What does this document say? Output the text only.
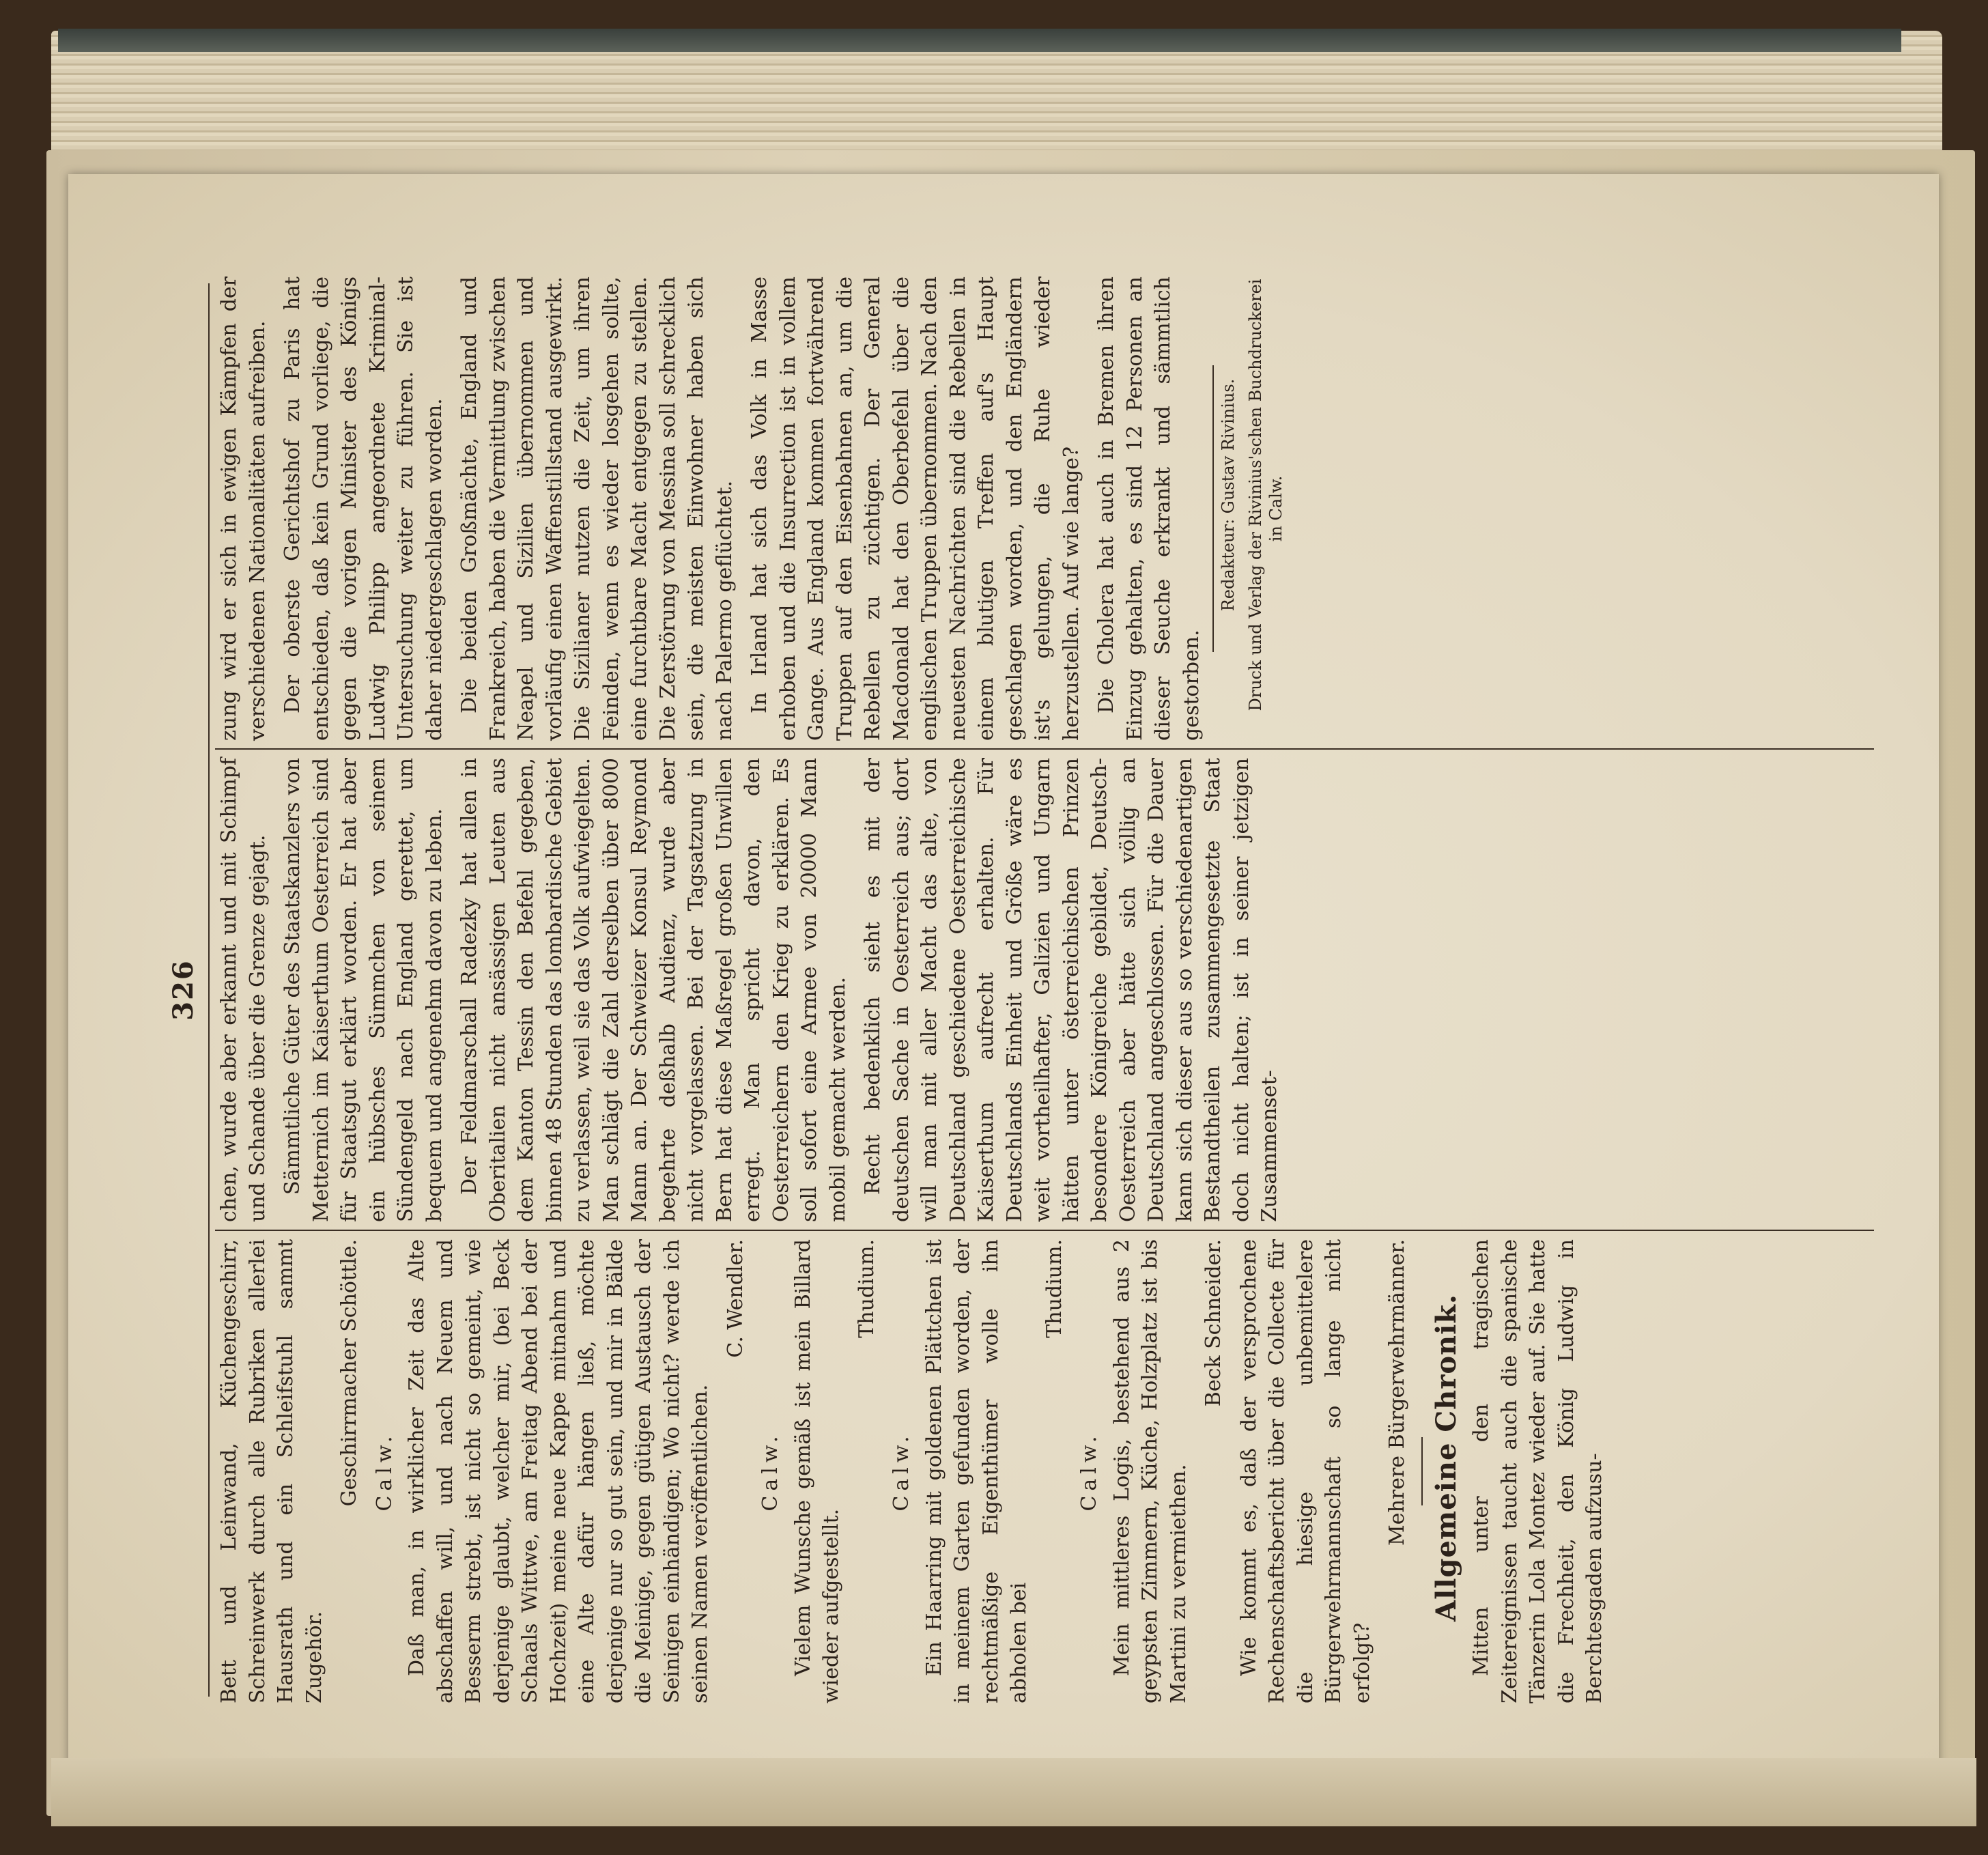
326

Bett und Leinwand, Küchengeschirr, Schreinwerk durch alle Rubriken allerlei Hausrath und ein Schleifstuhl sammt Zugehör.

Geschirrmacher Schöttle. Calw. Daß man, in wirklicher Zeit das Alte abschaffen will, und nach Neuem und Besserm strebt, ist nicht so gemeint, wie derjenige glaubt, welcher mir, (bei Beck Schaals Wittwe, am Freitag Abend bei der Hochzeit) meine neue Kappe mitnahm und eine Alte dafür hängen ließ, möchte derjenige nur so gut sein, und mir in Bälde die Meinige, gegen gütigen Austausch der Seinigen einhändigen; Wo nicht? werde ich seinen Namen veröffentlichen.

C. Wendler.

Calw. Vielem Wunsche gemäß ist mein Billard wieder aufgestellt.

Thudium.

Calw. Ein Haarring mit goldenen Plättchen ist in meinem Garten gefunden worden, der rechtmäßige Eigenthümer wolle ihn abholen bei

Thudium.

Calw. Mein mittleres Logis, bestehend aus 2 geypsten Zimmern, Küche, Holzplatz ist bis Martini zu vermiethen.

Beck Schneider. Wie kommt es, daß der versprochene Rechenschaftsbericht über die Collecte für die hiesige unbemittelere Bürgerwehrmannschaft so lange nicht erfolgt?

Mehrere Bürgerwehrmänner. Allgemeine Chronik. Mitten unter den tragischen Zeitereignissen taucht auch die spanische Tänzerin Lola Montez wieder auf. Sie hatte die Frechheit, den König Ludwig in Berchtesgaden aufzusu-

chen, wurde aber erkannt und mit Schimpf und Schande über die Grenze gejagt. Sämmtliche Güter des Staatskanzlers von Metternich im Kaiserthum Oesterreich sind für Staatsgut erklärt worden. Er hat aber ein hübsches Sümmchen von seinem Sündengeld nach England gerettet, um bequem und angenehm davon zu leben. Der Feldmarschall Radezky hat allen in Oberitalien nicht ansässigen Leuten aus dem Kanton Tessin den Befehl gegeben, binnen 48 Stunden das lombardische Gebiet zu verlassen, weil sie das Volk aufwiegelten. Man schlägt die Zahl derselben über 8000 Mann an. Der Schweizer Konsul Reymond begehrte deßhalb Audienz, wurde aber nicht vorgelassen. Bei der Tagsatzung in Bern hat diese Maßregel großen Unwillen erregt. Man spricht davon, den Oesterreichern den Krieg zu erklären. Es soll sofort eine Armee von 20000 Mann mobil gemacht werden. Recht bedenklich sieht es mit der deutschen Sache in Oesterreich aus; dort will man mit aller Macht das alte, von Deutschland geschiedene Oesterreichische Kaiserthum aufrecht erhalten. Für Deutschlands Einheit und Größe wäre es weit vortheilhafter, Galizien und Ungarn hätten unter österreichischen Prinzen besondere Königreiche gebildet, Deutsch-Oesterreich aber hätte sich völlig an Deutschland angeschlossen. Für die Dauer kann sich dieser aus so verschiedenartigen Bestandtheilen zusammengesetzte Staat doch nicht halten; ist in seiner jetzigen Zusammenset-

zung wird er sich in ewigen Kämpfen der verschiedenen Nationalitäten aufreiben. Der oberste Gerichtshof zu Paris hat entschieden, daß kein Grund vorliege, die gegen die vorigen Minister des Königs Ludwig Philipp angeordnete Kriminal-Untersuchung weiter zu führen. Sie ist daher niedergeschlagen worden. Die beiden Großmächte, England und Frankreich, haben die Vermittlung zwischen Neapel und Sizilien übernommen und vorläufig einen Waffenstillstand ausgewirkt. Die Sizilianer nutzen die Zeit, um ihren Feinden, wenn es wieder losgehen sollte, eine furchtbare Macht entgegen zu stellen. Die Zerstörung von Messina soll schrecklich sein, die meisten Einwohner haben sich nach Palermo geflüchtet. In Irland hat sich das Volk in Masse erhoben und die Insurrection ist in vollem Gange. Aus England kommen fortwährend Truppen auf den Eisenbahnen an, um die Rebellen zu züchtigen. Der General Macdonald hat den Oberbefehl über die englischen Truppen übernommen. Nach den neuesten Nachrichten sind die Rebellen in einem blutigen Treffen auf's Haupt geschlagen worden, und den Engländern ist's gelungen, die Ruhe wieder herzustellen. Auf wie lange? Die Cholera hat auch in Bremen ihren Einzug gehalten, es sind 12 Personen an dieser Seuche erkrankt und sämmtlich gestorben.

Redakteur: Gustav Rivinius. Druck und Verlag der Rivinius'schen Buchdruckerei in Calw.
